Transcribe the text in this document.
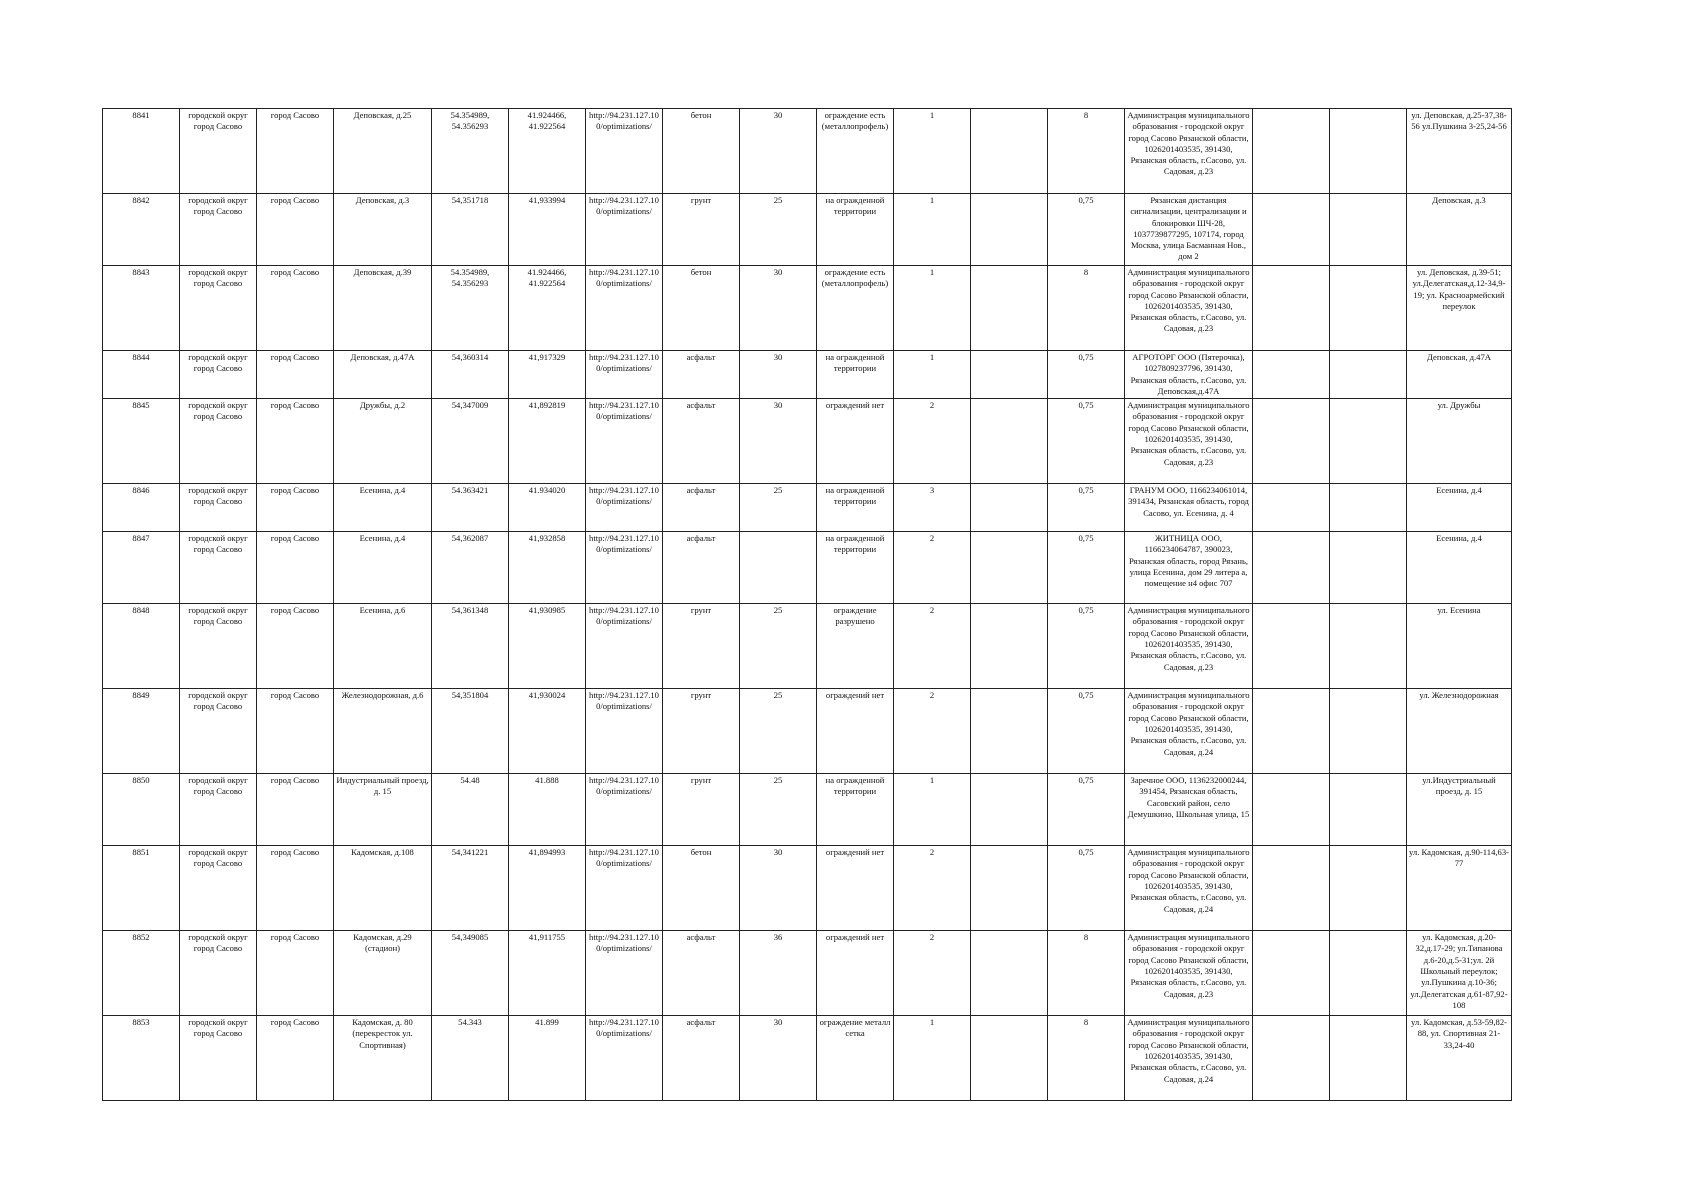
8841	городской округ город Сасово	город Сасово	Деповская, д.25	54.354989, 54.356293	41.924466, 41.922564	http://94.231.127.10 0/optimizations/	бетон	30	ограждение есть (металлопрофель)	1		8	Администрация муниципального образования - городской округ город Сасово Рязанской области, 1026201403535, 391430, Рязанская область, г.Сасово, ул. Садовая, д.23			ул. Деповская, д.25-37,38-56 ул.Пушкина 3-25,24-56
8842	городской округ город Сасово	город Сасово	Деповская, д.3	54,351718	41,933994	http://94.231.127.10 0/optimizations/	грунт	25	на огражденной территории	1		0,75	Рязанская дистанция сигнализации, централизации и блокировки ШЧ-28, 1037739877295, 107174, город Москва, улица Басманная Нов., дом 2			Деповская, д.3
8843	городской округ город Сасово	город Сасово	Деповская, д.39	54.354989, 54.356293	41.924466, 41.922564	http://94.231.127.10 0/optimizations/	бетон	30	ограждение есть (металлопрофель)	1		8	Администрация муниципального образования - городской округ город Сасово Рязанской области, 1026201403535, 391430, Рязанская область, г.Сасово, ул. Садовая, д.23			ул. Деповская, д.39-51; ул.Делегатская,д.12-34,9-19; ул. Красноармейский переулок
8844	городской округ город Сасово	город Сасово	Деповская, д.47А	54,360314	41,917329	http://94.231.127.10 0/optimizations/	асфальт	30	на огражденной территории	1		0,75	АГРОТОРГ ООО (Пятерочка), 1027809237796, 391430, Рязанская область, г.Сасово, ул. Деповская,д.47А			Деповская, д.47А
8845	городской округ город Сасово	город Сасово	Дружбы, д.2	54,347009	41,892819	http://94.231.127.10 0/optimizations/	асфальт	30	ограждений нет	2		0,75	Администрация муниципального образования - городской округ город Сасово Рязанской области, 1026201403535, 391430, Рязанская область, г.Сасово, ул. Садовая, д.23			ул. Дружбы
8846	городской округ город Сасово	город Сасово	Есенина, д.4	54.363421	41.934020	http://94.231.127.10 0/optimizations/	асфальт	25	на огражденной территории	3		0,75	ГРАНУМ ООО, 1166234061014, 391434, Рязанская область, город Сасово, ул. Есенина, д. 4			Есенина, д.4
8847	городской округ город Сасово	город Сасово	Есенина, д.4	54,362087	41,932858	http://94.231.127.10 0/optimizations/	асфальт		на огражденной территории	2		0,75	ЖИТНИЦА ООО, 1166234064787, 390023, Рязанская область, город Рязань, улица Есенина, дом 29 литера а, помещение н4 офис 707			Есенина, д.4
8848	городской округ город Сасово	город Сасово	Есенина, д.6	54,361348	41,930985	http://94.231.127.10 0/optimizations/	грунт	25	ограждение разрушено	2		0,75	Администрация муниципального образования - городской округ город Сасово Рязанской области, 1026201403535, 391430, Рязанская область, г.Сасово, ул. Садовая, д.23			ул. Есенина
8849	городской округ город Сасово	город Сасово	Железнодорожная, д.6	54,351804	41,930024	http://94.231.127.10 0/optimizations/	грунт	25	ограждений нет	2		0,75	Администрация муниципального образования - городской округ город Сасово Рязанской области, 1026201403535, 391430, Рязанская область, г.Сасово, ул. Садовая, д.24			ул. Железнодорожная
8850	городской округ город Сасово	город Сасово	Индустриальный проезд, д. 15	54.48	41.888	http://94.231.127.10 0/optimizations/	грунт	25	на огражденной территории	1		0,75	Заречное ООО, 1136232000244, 391454, Рязанская область, Сасовский район, село Демушкино, Школьная улица, 15			ул.Индустриальный проезд, д. 15
8851	городской округ город Сасово	город Сасово	Кадомская, д.108	54,341221	41,894993	http://94.231.127.10 0/optimizations/	бетон	30	ограждений нет	2		0,75	Администрация муниципального образования - городской округ город Сасово Рязанской области, 1026201403535, 391430, Рязанская область, г.Сасово, ул. Садовая, д.24			ул. Кадомская, д.90-114,63-77
8852	городской округ город Сасово	город Сасово	Кадомская, д.29 (стадион)	54,349085	41,911755	http://94.231.127.10 0/optimizations/	асфальт	36	ограждений нет	2		8	Администрация муниципального образования - городской округ город Сасово Рязанской области, 1026201403535, 391430, Рязанская область, г.Сасово, ул. Садовая, д.23			ул. Кадомская, д.20-32,д.17-29; ул.Типанова д.6-20,д.5-31;ул. 2й Школьный переулок; ул.Пушкина д.10-36; ул.Делегатская д.61-87,92-108
8853	городской округ город Сасово	город Сасово	Кадомская, д. 80 (перекресток ул. Спортивная)	54.343	41.899	http://94.231.127.10 0/optimizations/	асфальт	30	ограждение металл сетка	1		8	Администрация муниципального образования - городской округ город Сасово Рязанской области, 1026201403535, 391430, Рязанская область, г.Сасово, ул. Садовая, д.24			ул. Кадомская, д.53-59,82-88, ул. Спортивная 21-33,24-40
